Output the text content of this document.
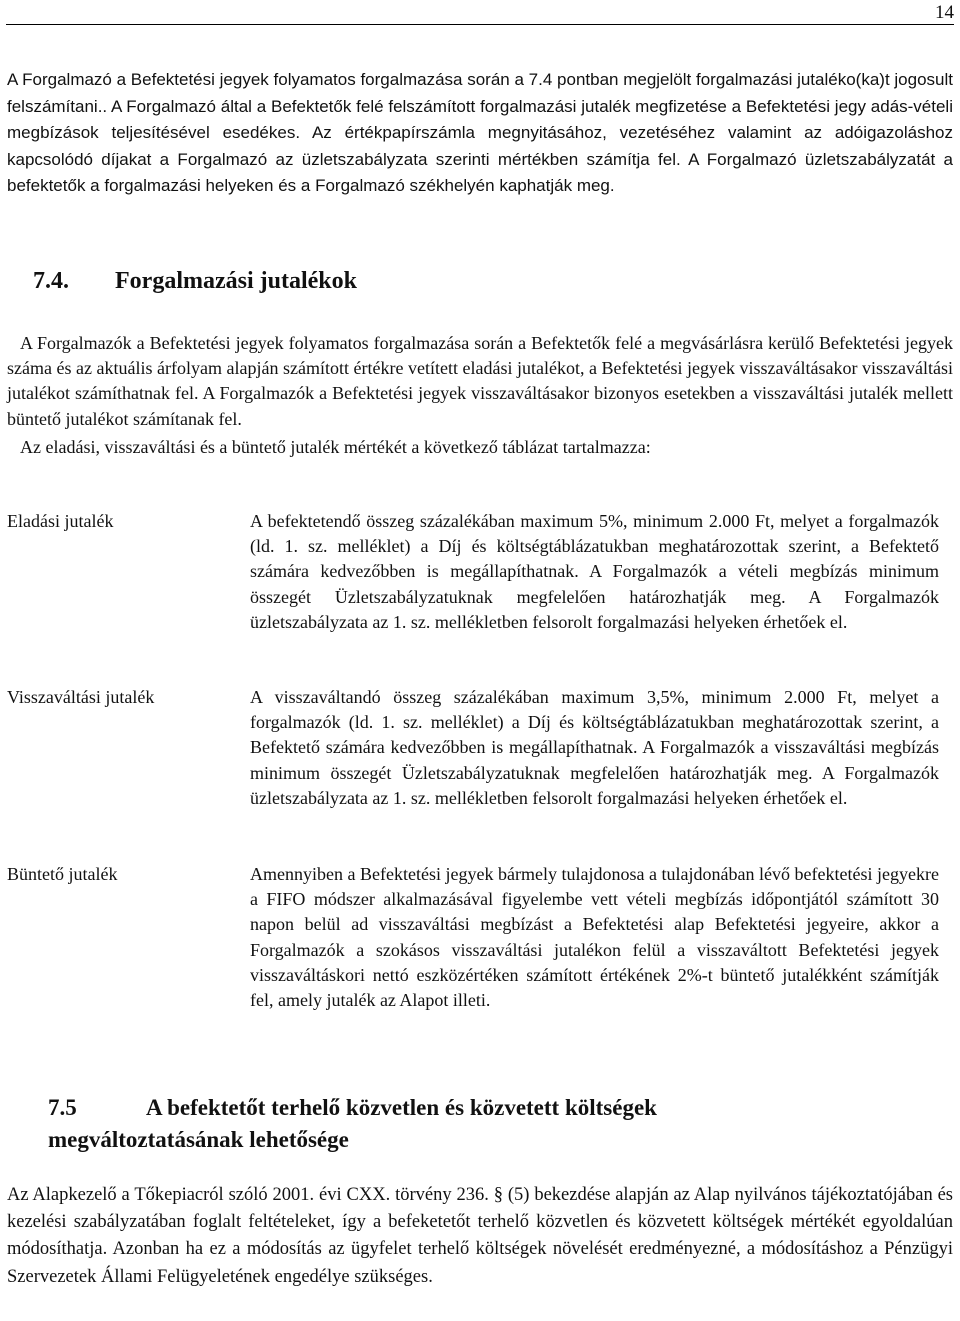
14

A Forgalmazó a Befektetési jegyek folyamatos forgalmazása során a 7.4 pontban megjelölt forgalmazási jutaléko(ka)t jogosult felszámítani.. A Forgalmazó által a Befektetők felé felszámított forgalmazási jutalék megfizetése a Befektetési jegy adás-vételi megbízások teljesítésével esedékes. Az értékpapírszámla megnyitásához, vezetéséhez valamint az adóigazoláshoz kapcsolódó díjakat a Forgalmazó az üzletszabályzata szerinti mértékben számítja fel. A Forgalmazó üzletszabályzatát a befektetők a forgalmazási helyeken és a Forgalmazó székhelyén kaphatják meg.

7.4. Forgalmazási jutalékok

A Forgalmazók a Befektetési jegyek folyamatos forgalmazása során a Befektetők felé a megvásárlásra kerülő Befektetési jegyek száma és az aktuális árfolyam alapján számított értékre vetített eladási jutalékot, a Befektetési jegyek visszaváltásakor visszaváltási jutalékot számíthatnak fel. A Forgalmazók a Befektetési jegyek visszaváltásakor bizonyos esetekben a visszaváltási jutalék mellett büntető jutalékot számítanak fel.

Az eladási, visszaváltási és a büntető jutalék mértékét a következő táblázat tartalmazza:

Eladási jutalék	A befektetendő összeg százalékában maximum 5%, minimum 2.000 Ft, melyet a forgalmazók (ld. 1. sz. melléklet) a Díj és költségtáblázatukban meghatározottak szerint, a Befektető számára kedvezőbben is megállapíthatnak. A Forgalmazók a vételi megbízás minimum összegét Üzletszabályzatuknak megfelelően határozhatják meg. A Forgalmazók üzletszabályzata az 1. sz. mellékletben felsorolt forgalmazási helyeken érhetőek el.

Visszaváltási jutalék	A visszaváltandó összeg százalékában maximum 3,5%, minimum 2.000 Ft, melyet a forgalmazók (ld. 1. sz. melléklet) a Díj és költségtáblázatukban meghatározottak szerint, a Befektető számára kedvezőbben is megállapíthatnak. A Forgalmazók a visszaváltási megbízás minimum összegét Üzletszabályzatuknak megfelelően határozhatják meg. A Forgalmazók üzletszabályzata az 1. sz. mellékletben felsorolt forgalmazási helyeken érhetőek el.

Büntető jutalék	Amennyiben a Befektetési jegyek bármely tulajdonosa a tulajdonában lévő befektetési jegyekre a FIFO módszer alkalmazásával figyelembe vett vételi megbízás időpontjától számított 30 napon belül ad visszaváltási megbízást a Befektetési alap Befektetési jegyeire, akkor a Forgalmazók a szokásos visszaváltási jutalékon felül a visszaváltott Befektetési jegyek visszaváltáskori nettó eszközértéken számított értékének 2%-t büntető jutalékként számítják fel, amely jutalék az Alapot illeti.

7.5	A befektetőt terhelő közvetlen és közvetett költségek
megváltoztatásának lehetősége

Az Alapkezelő a Tőkepiacról szóló 2001. évi CXX. törvény 236. § (5) bekezdése alapján az Alap nyilvános tájékoztatójában és kezelési szabályzatában foglalt feltételeket, így a befeketetőt terhelő közvetlen és közvetett költségek mértékét egyoldalúan módosíthatja. Azonban ha ez a módosítás az ügyfelet terhelő költségek növelését eredményezné, a módosításhoz a Pénzügyi Szervezetek Állami Felügyeletének engedélye szükséges.
